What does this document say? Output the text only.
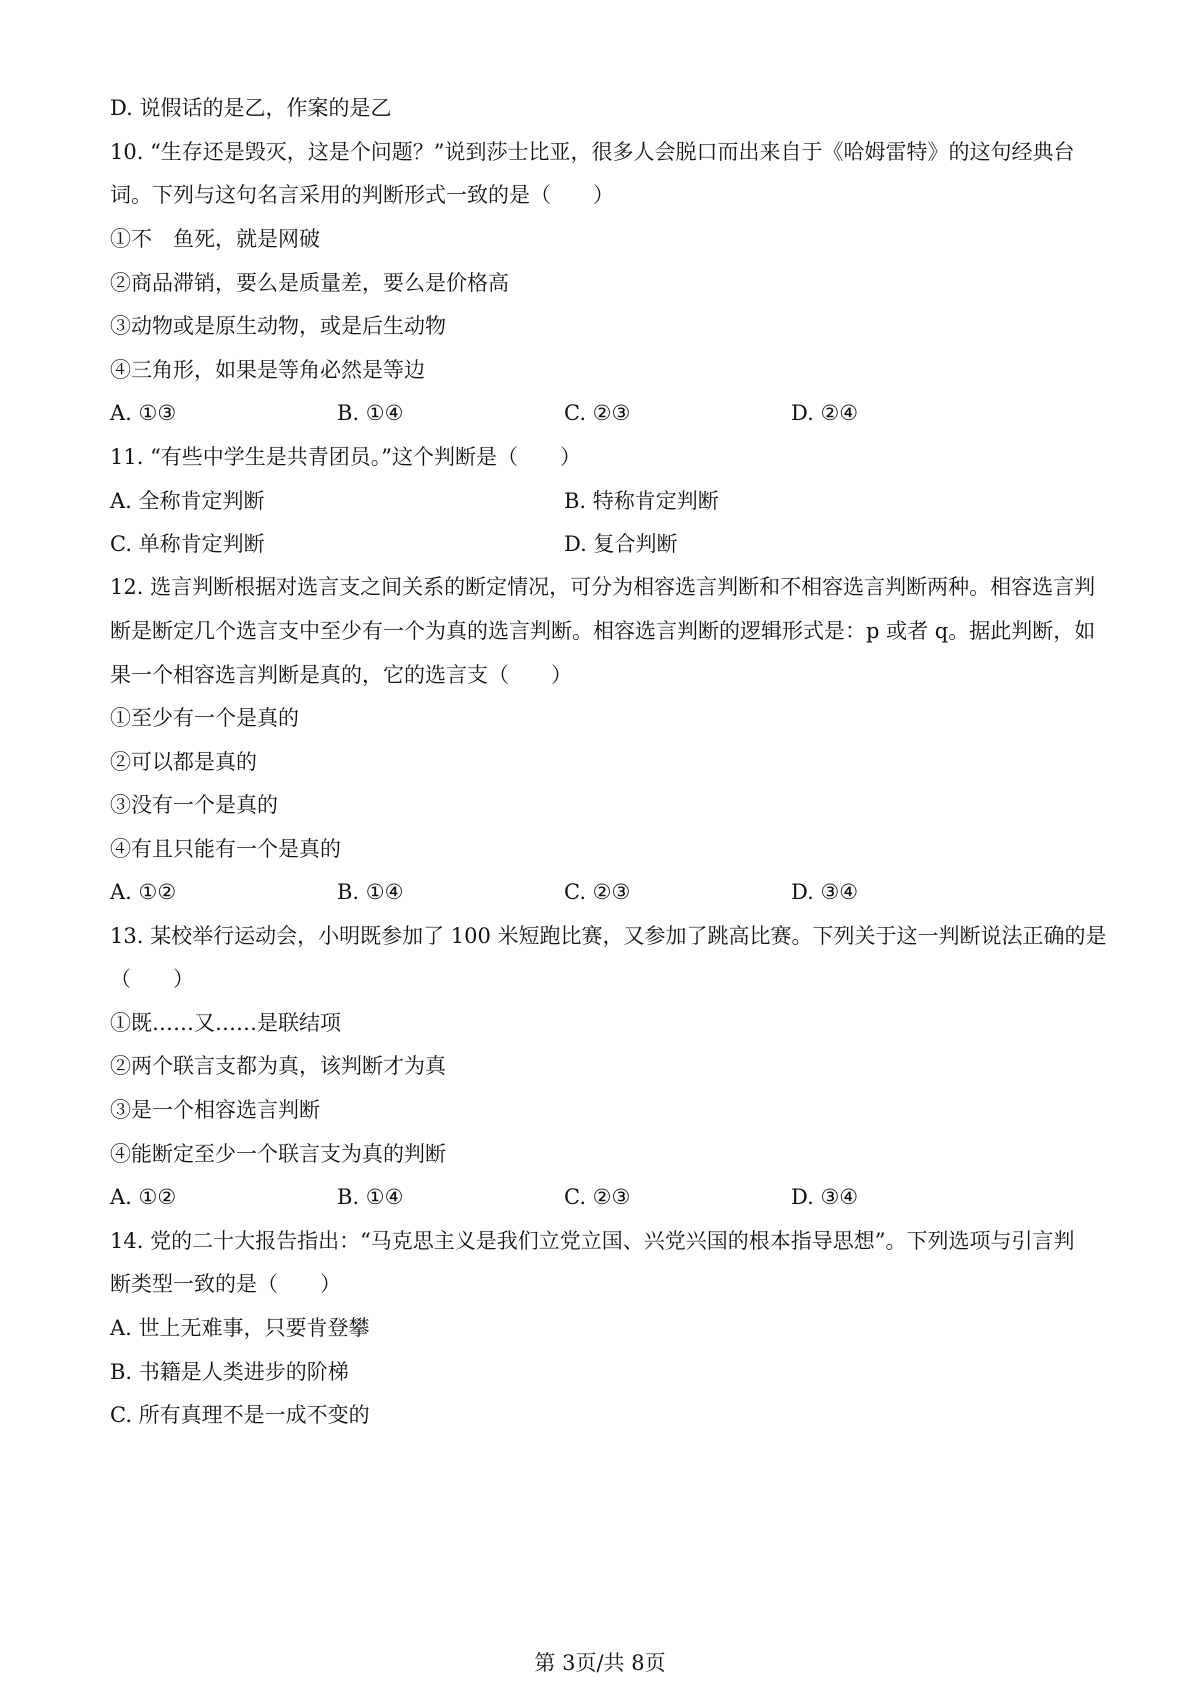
D. 说假话的是乙，作案的是乙
10. “生存还是毁灭，这是个问题？”说到莎士比亚，很多人会脱口而出来自于《哈姆雷特》的这句经典台
词。下列与这句名言采用的判断形式一致的是（　　）
①不　鱼死，就是网破
②商品滞销，要么是质量差，要么是价格高
③动物或是原生动物，或是后生动物
④三角形，如果是等角必然是等边
A. ①③	B. ①④	C. ②③	D. ②④
11. “有些中学生是共青团员。”这个判断是（　　）
A. 全称肯定判断	B. 特称肯定判断
C. 单称肯定判断	D. 复合判断
12. 选言判断根据对选言支之间关系的断定情况，可分为相容选言判断和不相容选言判断两种。相容选言判
断是断定几个选言支中至少有一个为真的选言判断。相容选言判断的逻辑形式是：p 或者 q。据此判断，如
果一个相容选言判断是真的，它的选言支（　　）
①至少有一个是真的
②可以都是真的
③没有一个是真的
④有且只能有一个是真的
A. ①②	B. ①④	C. ②③	D. ③④
13. 某校举行运动会，小明既参加了 100 米短跑比赛，又参加了跳高比赛。下列关于这一判断说法正确的是
（　　）
①既……又……是联结项
②两个联言支都为真，该判断才为真
③是一个相容选言判断
④能断定至少一个联言支为真的判断
A. ①②	B. ①④	C. ②③	D. ③④
14. 党的二十大报告指出：“马克思主义是我们立党立国、兴党兴国的根本指导思想”。下列选项与引言判
断类型一致的是（　　）
A. 世上无难事，只要肯登攀
B. 书籍是人类进步的阶梯
C. 所有真理不是一成不变的
第 3页/共 8页
